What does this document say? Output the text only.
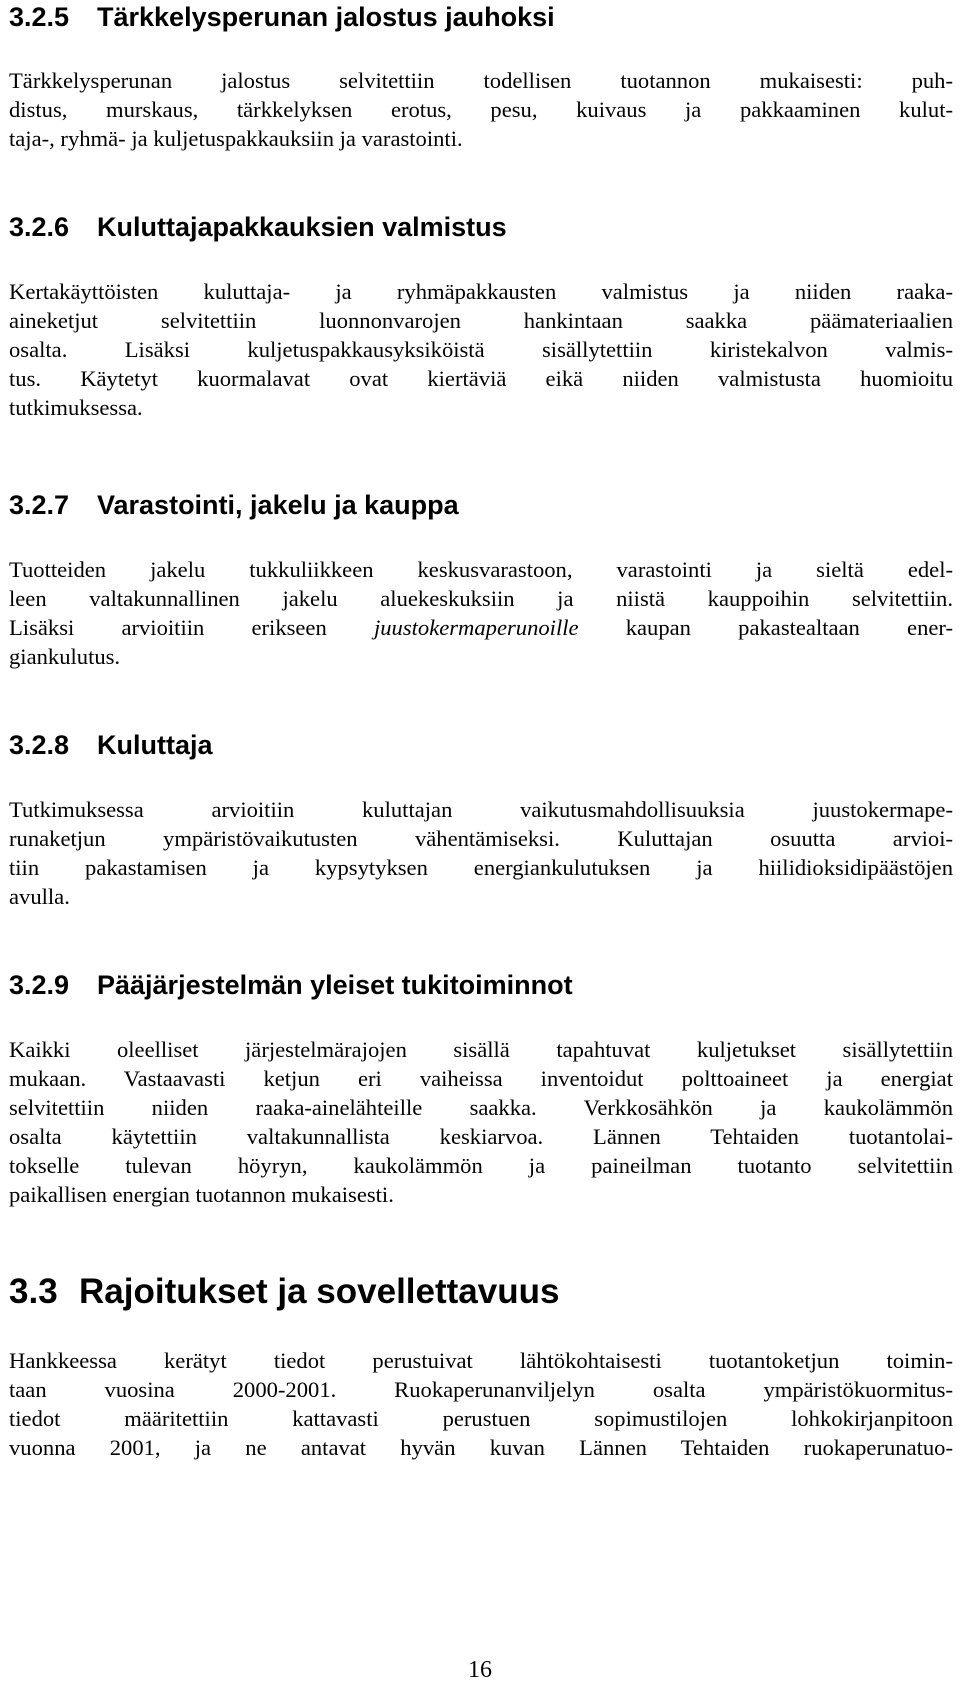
3.2.5 Tärkkelysperunan jalostus jauhoksi
Tärkkelysperunan jalostus selvitettiin todellisen tuotannon mukaisesti: puh-
distus, murskaus, tärkkelyksen erotus, pesu, kuivaus ja pakkaaminen kulut-
taja-, ryhmä- ja kuljetuspakkauksiin ja varastointi.
3.2.6 Kuluttajapakkauksien valmistus
Kertakäyttöisten kuluttaja- ja ryhmäpakkausten valmistus ja niiden raaka-
aineketjut selvitettiin luonnonvarojen hankintaan saakka päämateriaalien
osalta. Lisäksi kuljetuspakkausyksiköistä sisällytettiin kiristekalvon valmis-
tus. Käytetyt kuormalavat ovat kiertäviä eikä niiden valmistusta huomioitu
tutkimuksessa.
3.2.7 Varastointi, jakelu ja kauppa
Tuotteiden jakelu tukkuliikkeen keskusvarastoon, varastointi ja sieltä edel-
leen valtakunnallinen jakelu aluekeskuksiin ja niistä kauppoihin selvitettiin.
Lisäksi arvioitiin erikseen juustokermaperunoille kaupan pakastealtaan ener-
giankulutus.
3.2.8 Kuluttaja
Tutkimuksessa arvioitiin kuluttajan vaikutusmahdollisuuksia juustokermape-
runaketjun ympäristövaikutusten vähentämiseksi. Kuluttajan osuutta arvioi-
tiin pakastamisen ja kypsytyksen energiankulutuksen ja hiilidioksidipäästöjen
avulla.
3.2.9 Pääjärjestelmän yleiset tukitoiminnot
Kaikki oleelliset järjestelmärajojen sisällä tapahtuvat kuljetukset sisällytettiin
mukaan. Vastaavasti ketjun eri vaiheissa inventoidut polttoaineet ja energiat
selvitettiin niiden raaka-ainelähteille saakka. Verkkosähkön ja kaukolämmön
osalta käytettiin valtakunnallista keskiarvoa. Lännen Tehtaiden tuotantolai-
tokselle tulevan höyryn, kaukolämmön ja paineilman tuotanto selvitettiin
paikallisen energian tuotannon mukaisesti.
3.3 Rajoitukset ja sovellettavuus
Hankkeessa kerätyt tiedot perustuivat lähtökohtaisesti tuotantoketjun toimin-
taan vuosina 2000-2001. Ruokaperunanviljelyn osalta ympäristökuormitus-
tiedot määritettiin kattavasti perustuen sopimustilojen lohkokirjanpitoon
vuonna 2001, ja ne antavat hyvän kuvan Lännen Tehtaiden ruokaperunatuo-
16
